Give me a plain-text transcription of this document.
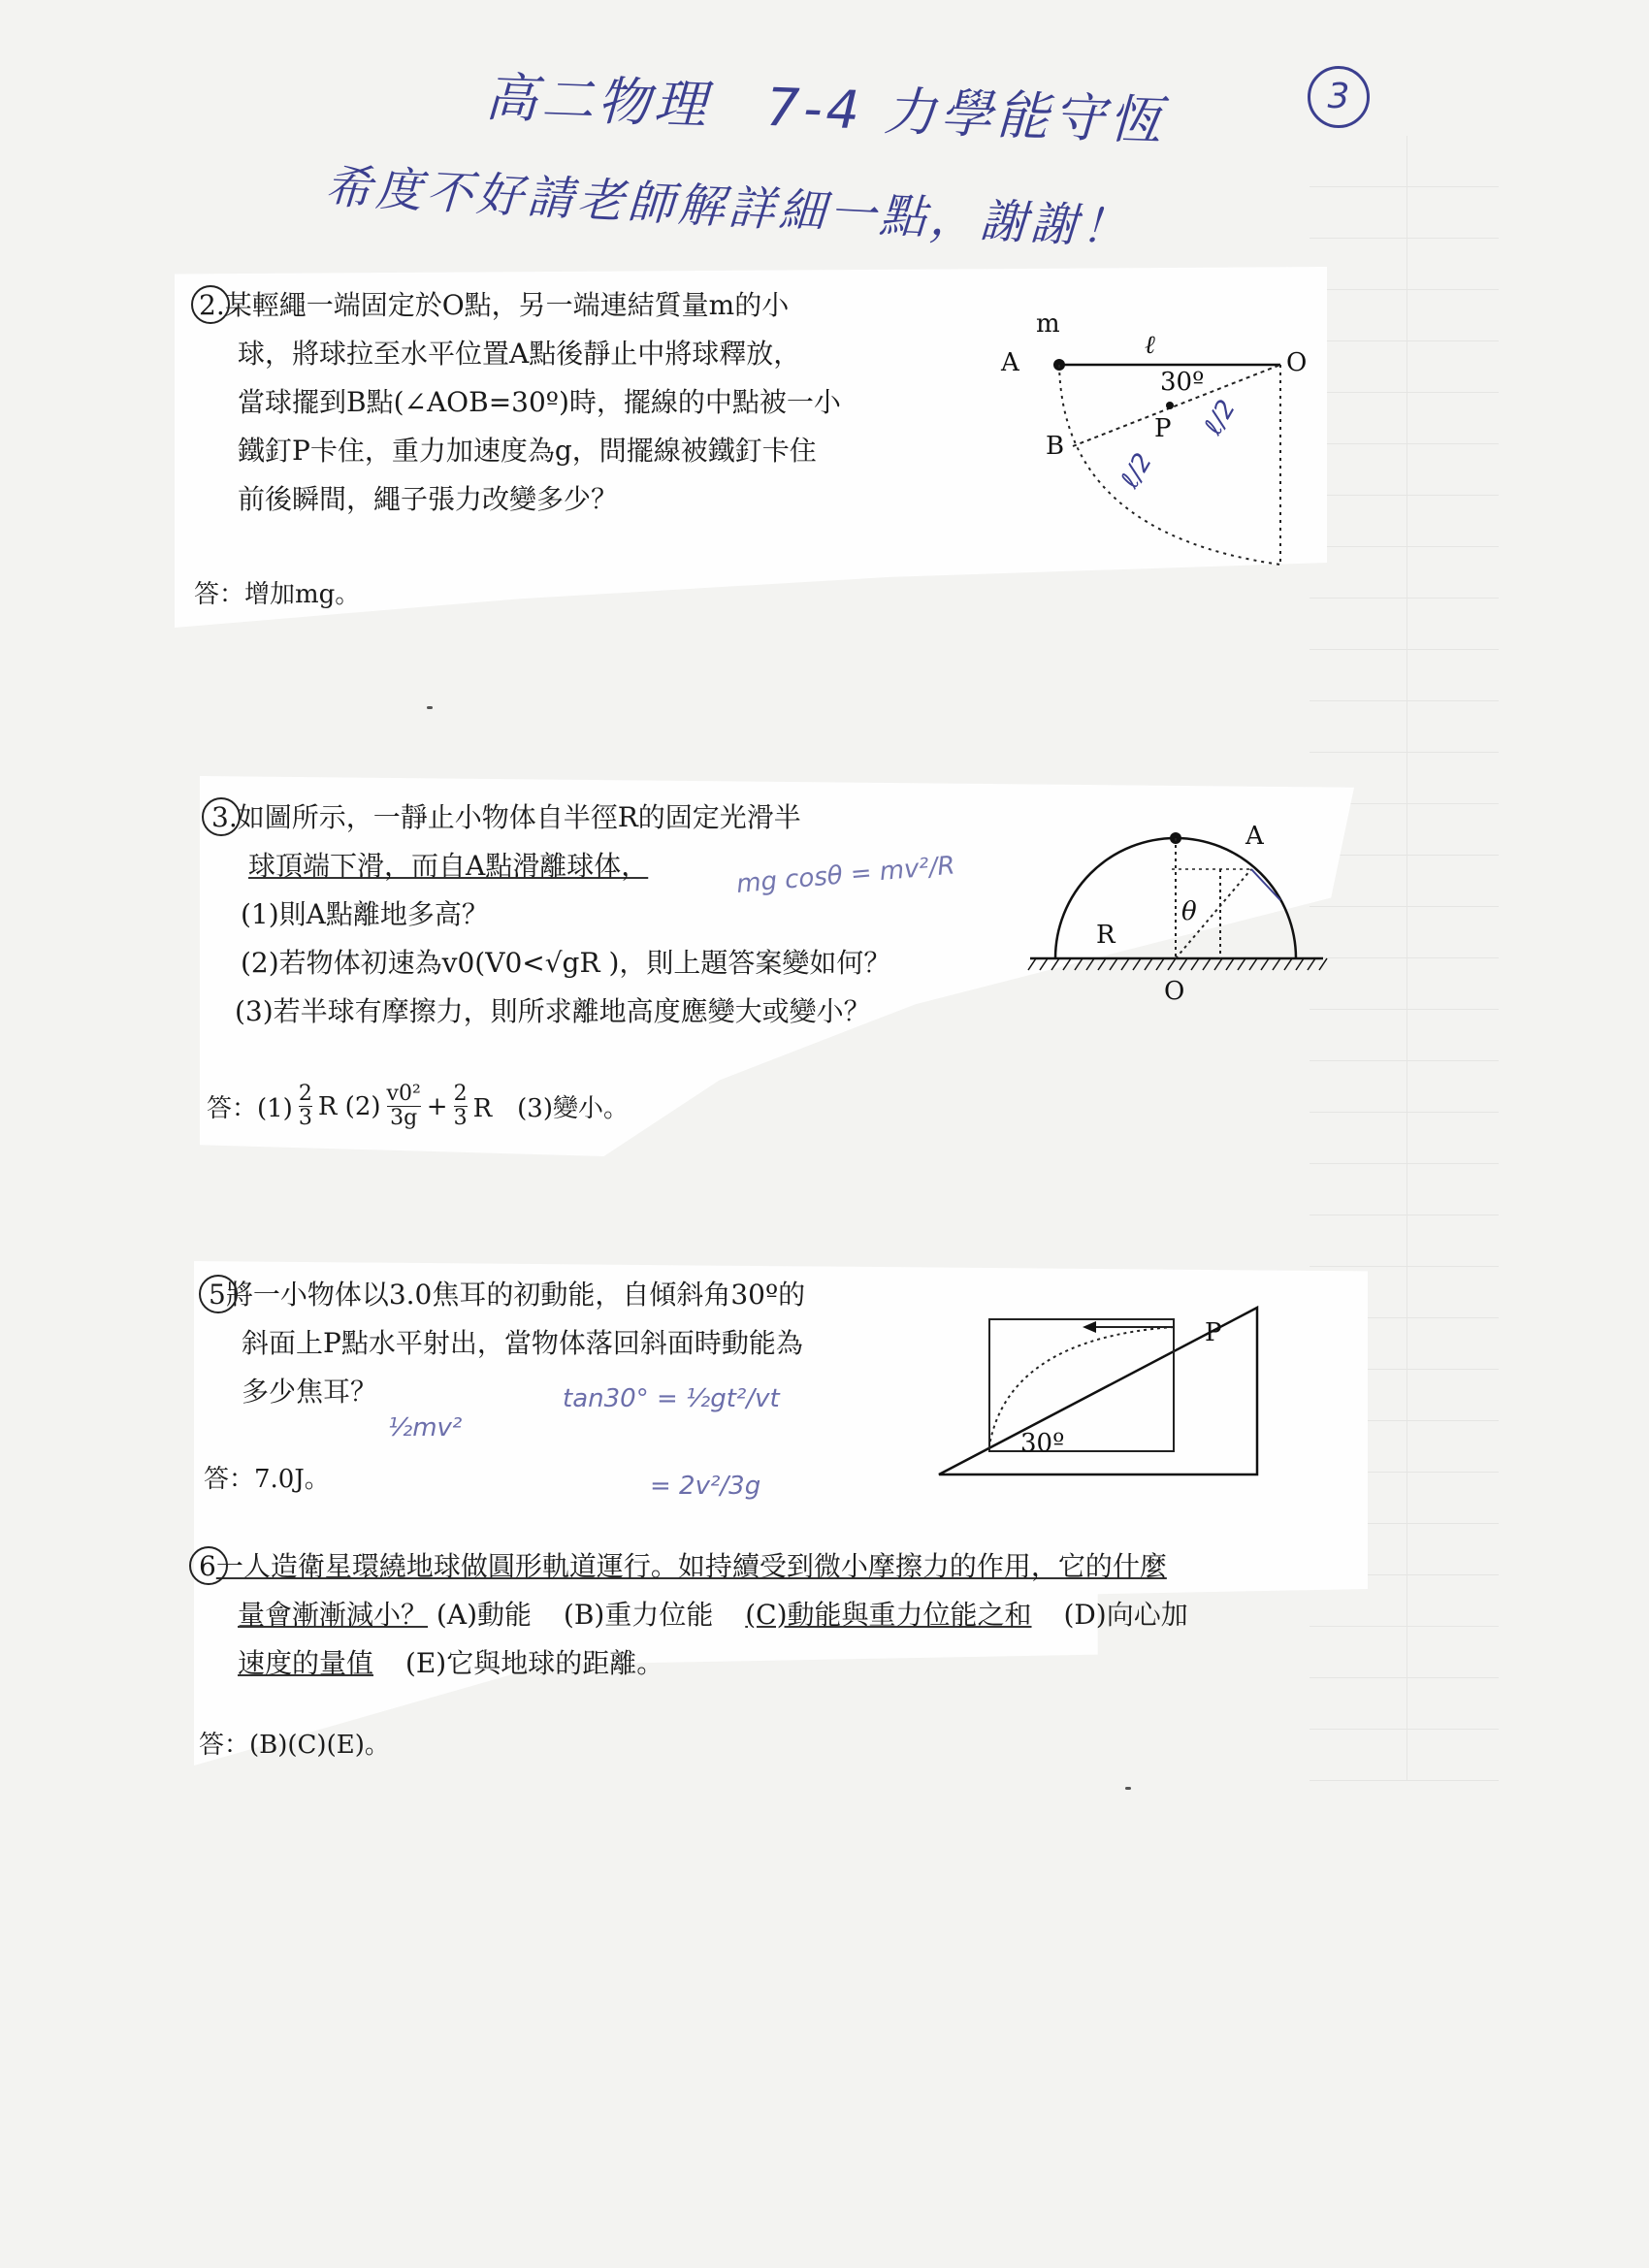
高二物理　7-4 力學能守恆	3
希度不好請老師解詳細一點，謝謝！
2.某輕繩一端固定於O點，另一端連結質量m的小
球，將球拉至水平位置A點後靜止中將球釋放，
當球擺到B點(∠AOB=30º)時，擺線的中點被一小
鐵釘P卡住，重力加速度為g，問擺線被鐵釘卡住
前後瞬間，繩子張力改變多少？
答：增加mg。
m
A	O
ℓ
30º
B
P ℓ/2
ℓ/2
3.如圖所示，一靜止小物体自半徑R的固定光滑半
球頂端下滑，而自A點滑離球体，
(1)則A點離地多高？
(2)若物体初速為v0(V0<√gR )，則上題答案變如何？
(3)若半球有摩擦力，則所求離地高度應變大或變小？
答：$(1) \frac{2}{3}$ R $(2) \frac{\text{v0²}}{3g} + \frac{2}{3}$ R　(3)變小。
A
θ
R
O
mg cosθ = mv²/R
5將一小物体以3.0焦耳的初動能，自傾斜角30º的
斜面上P點水平射出，當物体落回斜面時動能為
多少焦耳？
答：7.0J。
P
30º
½mv²
tan30° = ½gt²/vt
= 2v²/3g
6一人造衛星環繞地球做圓形軌道運行。如持續受到微小摩擦力的作用，它的什麼
量會漸漸減小？ (A)動能 (B)重力位能 (C)動能與重力位能之和 (D)向心加
速度的量值 (E)它與地球的距離。
答：(B)(C)(E)。
